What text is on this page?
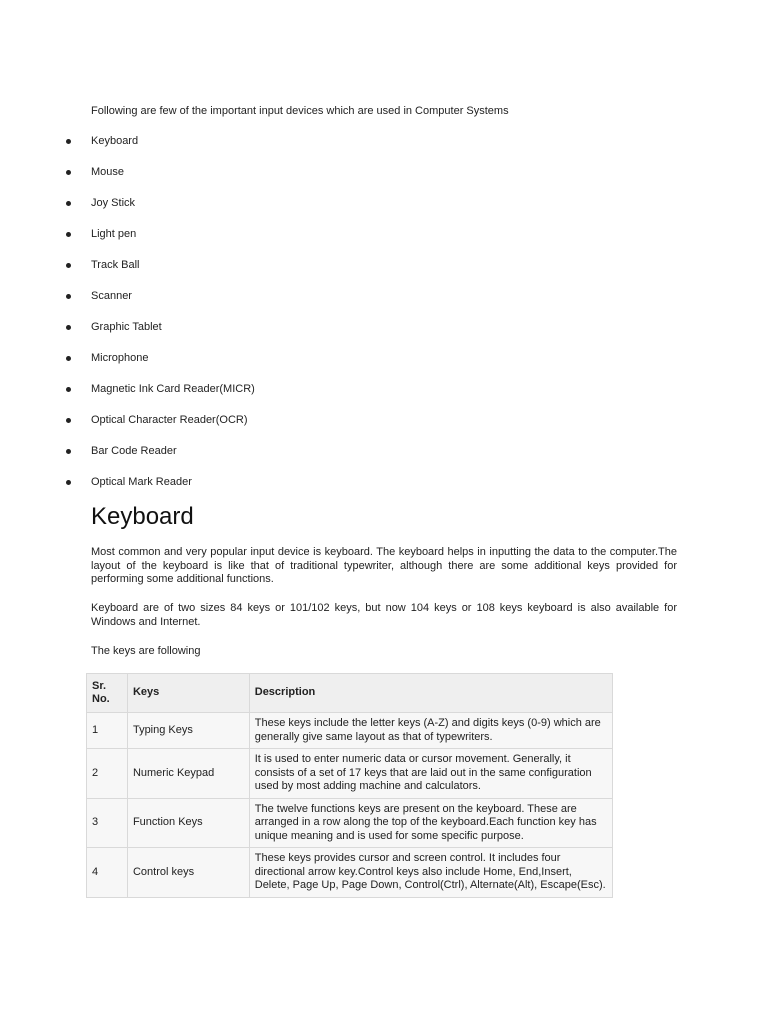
Following are few of the important input devices which are used in Computer Systems

Keyboard
Mouse
Joy Stick
Light pen
Track Ball
Scanner
Graphic Tablet
Microphone
Magnetic Ink Card Reader(MICR)
Optical Character Reader(OCR)
Bar Code Reader
Optical Mark Reader
Keyboard

Most common and very popular input device is keyboard. The keyboard helps in inputting the data to the computer.The layout of the keyboard is like that of traditional typewriter, although there are some additional keys provided for performing some additional functions.

Keyboard are of two sizes 84 keys or 101/102 keys, but now 104 keys or 108 keys keyboard is also available for Windows and Internet.

The keys are following

Sr. No.	Keys	Description
1	Typing Keys	These keys include the letter keys (A-Z) and digits keys (0-9) which are generally give same layout as that of typewriters.
2	Numeric Keypad	It is used to enter numeric data or cursor movement. Generally, it consists of a set of 17 keys that are laid out in the same configuration used by most adding machine and calculators.
3	Function Keys	The twelve functions keys are present on the keyboard. These are arranged in a row along the top of the keyboard.Each function key has unique meaning and is used for some specific purpose.
4	Control keys	These keys provides cursor and screen control. It includes four directional arrow key.Control keys also include Home, End,Insert, Delete, Page Up, Page Down, Control(Ctrl), Alternate(Alt), Escape(Esc).
